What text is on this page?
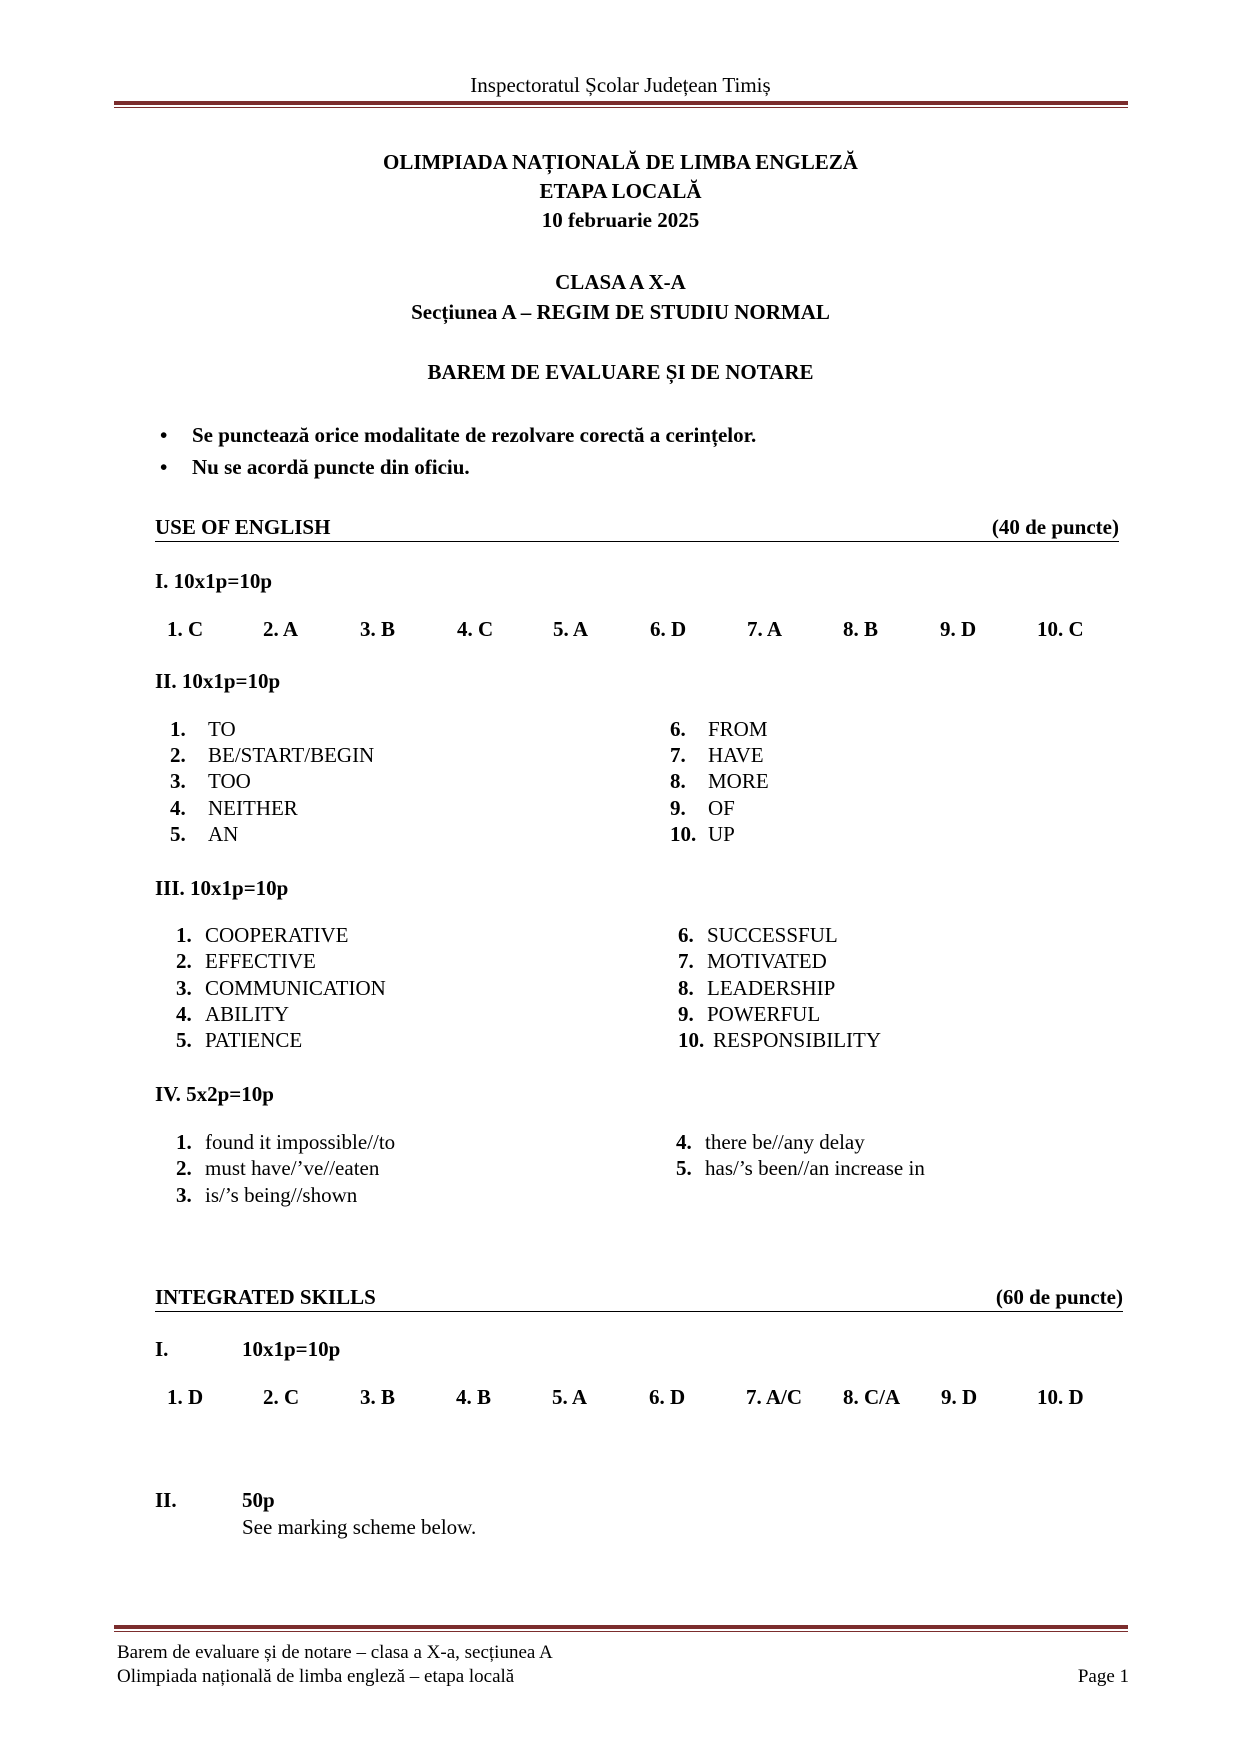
Inspectoratul Școlar Județean Timiș
OLIMPIADA NAȚIONALĂ DE LIMBA ENGLEZĂ
ETAPA LOCALĂ
10 februarie 2025
CLASA A X-A
Secțiunea A – REGIM DE STUDIU NORMAL
BAREM DE EVALUARE ȘI DE NOTARE
• Se punctează orice modalitate de rezolvare corectă a cerințelor.
• Nu se acordă puncte din oficiu.
USE OF ENGLISH	(40 de puncte)
I. 10x1p=10p
1. C	2. A	3. B	4. C	5. A	6. D	7. A	8. B	9. D	10. C
II. 10x1p=10p
1. TO
2. BE/START/BEGIN
3. TOO
4. NEITHER
5. AN
6. FROM
7. HAVE
8. MORE
9. OF
10. UP
III. 10x1p=10p
1. COOPERATIVE
2. EFFECTIVE
3. COMMUNICATION
4. ABILITY
5. PATIENCE
6. SUCCESSFUL
7. MOTIVATED
8. LEADERSHIP
9. POWERFUL
10. RESPONSIBILITY
IV. 5x2p=10p
1. found it impossible//to
2. must have/’ve//eaten
3. is/’s being//shown
4. there be//any delay
5. has/’s been//an increase in
INTEGRATED SKILLS	(60 de puncte)
I.	10x1p=10p
1. D	2. C	3. B	4. B	5. A	6. D	7. A/C 8. C/A 9. D	10. D
II.	50p
See marking scheme below.
Barem de evaluare și de notare – clasa a X-a, secțiunea A
Olimpiada națională de limba engleză – etapa locală	Page 1
